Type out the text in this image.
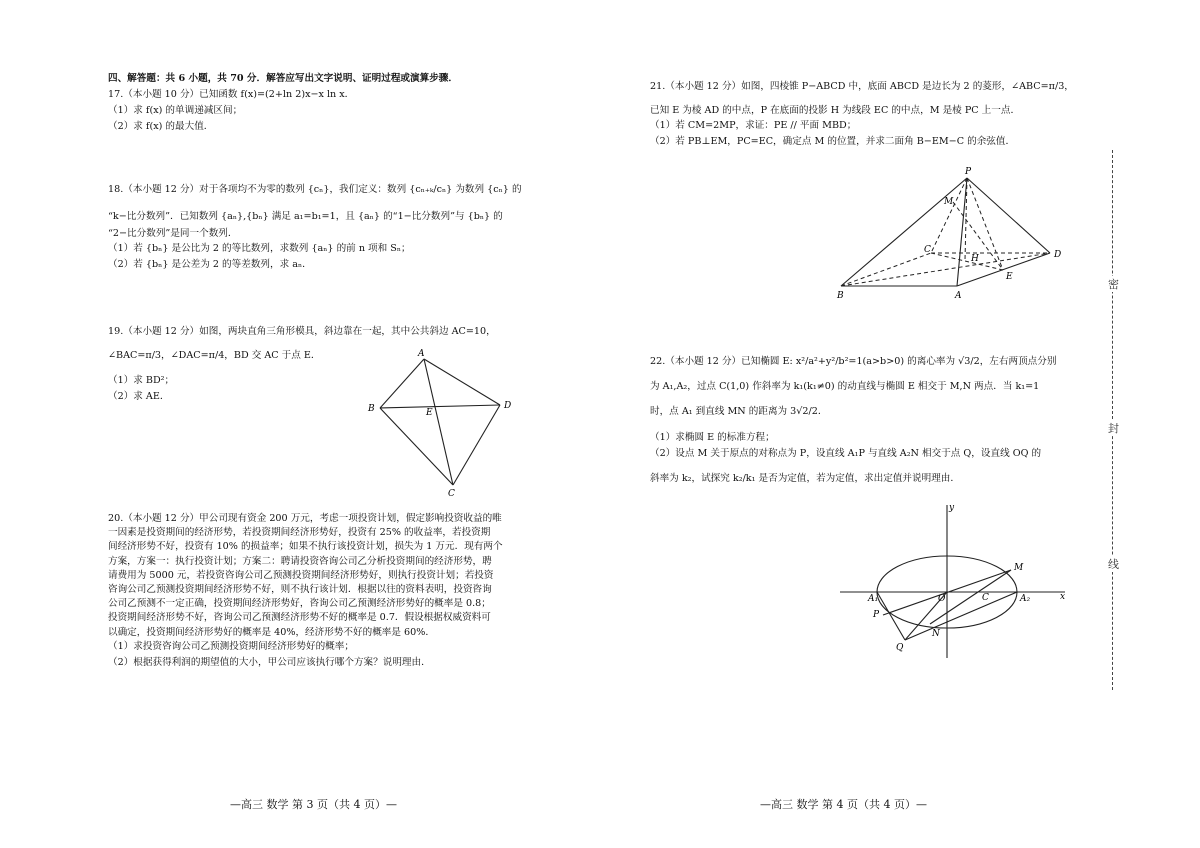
四、解答题：共 6 小题，共 70 分．解答应写出文字说明、证明过程或演算步骤．
17.（本小题 10 分）已知函数 f(x)=(2+ln 2)x−x ln x．
（1）求 f(x) 的单调递减区间；
（2）求 f(x) 的最大值．
18.（本小题 12 分）对于各项均不为零的数列 {cₙ}，我们定义：数列 {cₙ₊ₖ/cₙ} 为数列 {cₙ} 的
“k−比分数列”．已知数列 {aₙ},{bₙ} 满足 a₁=b₁=1，且 {aₙ} 的“1−比分数列”与 {bₙ} 的
“2−比分数列”是同一个数列．
（1）若 {bₙ} 是公比为 2 的等比数列，求数列 {aₙ} 的前 n 项和 Sₙ；
（2）若 {bₙ} 是公差为 2 的等差数列，求 aₙ．
19.（本小题 12 分）如图，两块直角三角形模具，斜边靠在一起，其中公共斜边 AC=10，
∠BAC=π/3，∠DAC=π/4，BD 交 AC 于点 E．
（1）求 BD²；
（2）求 AE．
A
B	E
D
C
20.（本小题 12 分）甲公司现有资金 200 万元，考虑一项投资计划，假定影响投资收益的唯
一因素是投资期间的经济形势，若投资期间经济形势好，投资有 25% 的收益率，若投资期
间经济形势不好，投资有 10% 的损益率；如果不执行该投资计划，损失为 1 万元．现有两个
方案，方案一：执行投资计划；方案二：聘请投资咨询公司乙分析投资期间的经济形势，聘
请费用为 5000 元，若投资咨询公司乙预测投资期间经济形势好，则执行投资计划；若投资
咨询公司乙预测投资期间经济形势不好，则不执行该计划．根据以往的资料表明，投资咨询
公司乙预测不一定正确，投资期间经济形势好，咨询公司乙预测经济形势好的概率是 0.8；
投资期间经济形势不好，咨询公司乙预测经济形势不好的概率是 0.7．假设根据权威资料可
以确定，投资期间经济形势好的概率是 40%，经济形势不好的概率是 60%．
（1）求投资咨询公司乙预测投资期间经济形势好的概率；
（2）根据获得利润的期望值的大小，甲公司应该执行哪个方案？说明理由．
—高三 数学 第 3 页（共 4 页）—
21.（本小题 12 分）如图，四棱锥 P−ABCD 中，底面 ABCD 是边长为 2 的菱形，∠ABC=π/3，
已知 E 为棱 AD 的中点，P 在底面的投影 H 为线段 EC 的中点，M 是棱 PC 上一点．
（1）若 CM=2MP，求证：PE // 平面 MBD；
（2）若 PB⊥EM，PC=EC，确定点 M 的位置，并求二面角 B−EM−C 的余弦值．
P
M
C
H	D
E
A
B
22.（本小题 12 分）已知椭圆 E: x²/a²+y²/b²=1(a>b>0) 的离心率为 √3/2，左右两顶点分别
为 A₁,A₂，过点 C(1,0) 作斜率为 k₁(k₁≠0) 的动直线与椭圆 E 相交于 M,N 两点．当 k₁=1
时，点 A₁ 到直线 MN 的距离为 3√2/2．
（1）求椭圆 E 的标准方程；
（2）设点 M 关于原点的对称点为 P，设直线 A₁P 与直线 A₂N 相交于点 Q，设直线 OQ 的
斜率为 k₂，试探究 k₂/k₁ 是否为定值，若为定值，求出定值并说明理由．
y
x
M
A₁	A₂
O	C
P
N
Q
—高三 数学 第 4 页（共 4 页）—
密
封
线
